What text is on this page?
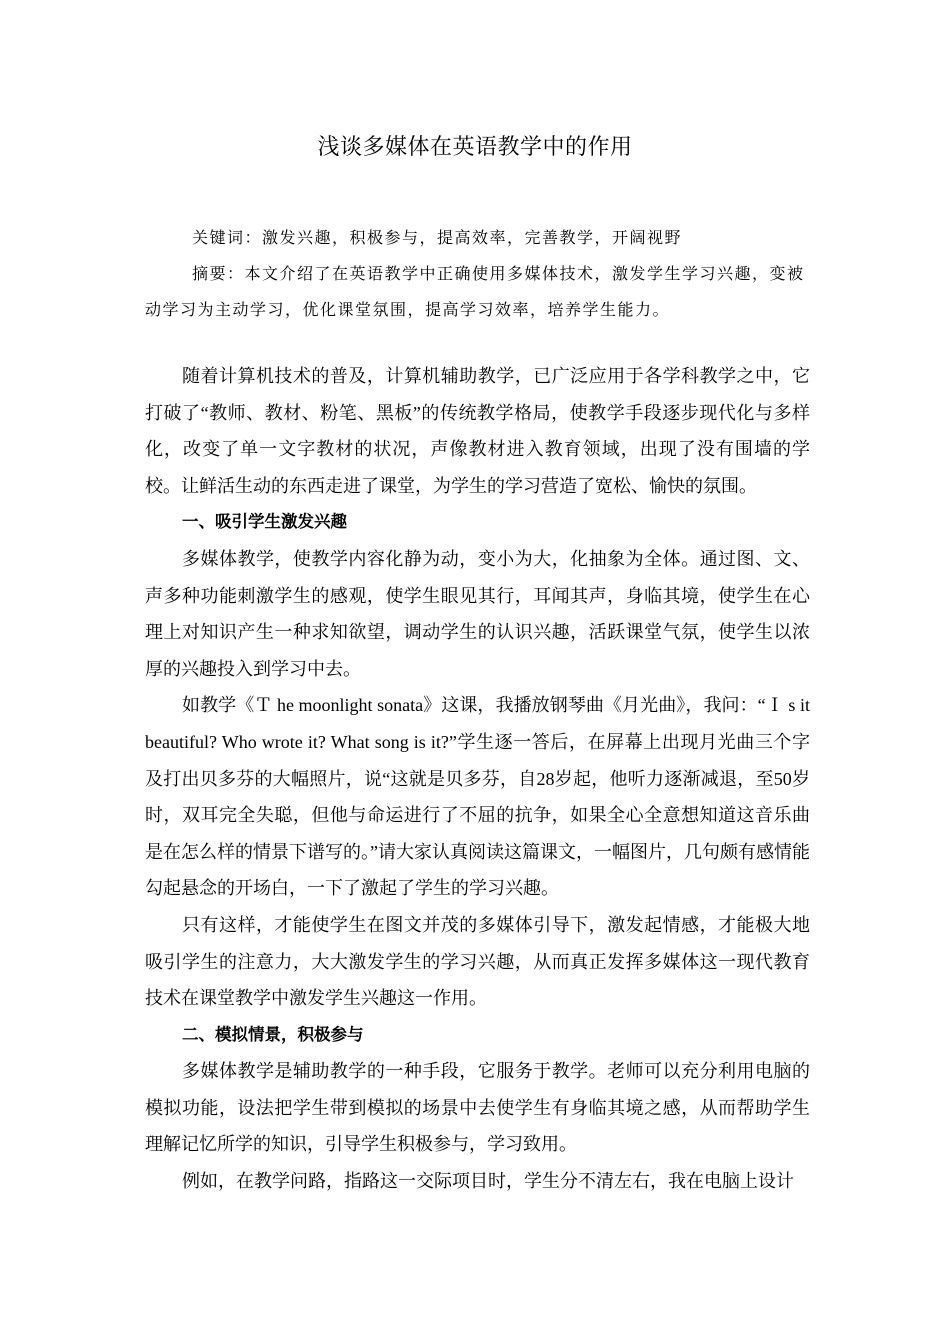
浅谈多媒体在英语教学中的作用
关键词：激发兴趣，积极参与，提高效率，完善教学，开阔视野
摘要：本文介绍了在英语教学中正确使用多媒体技术，激发学生学习兴趣，变被动学习为主动学习，优化课堂氛围，提高学习效率，培养学生能力。

随着计算机技术的普及，计算机辅助教学，已广泛应用于各学科教学之中，它打破了“教师、教材、粉笔、黑板”的传统教学格局，使教学手段逐步现代化与多样化，改变了单一文字教材的状况，声像教材进入教育领域，出现了没有围墙的学校。让鲜活生动的东西走进了课堂，为学生的学习营造了宽松、愉快的氛围。

一、吸引学生激发兴趣

多媒体教学，使教学内容化静为动，变小为大，化抽象为全体。通过图、文、声多种功能刺激学生的感观，使学生眼见其行，耳闻其声，身临其境，使学生在心理上对知识产生一种求知欲望，调动学生的认识兴趣，活跃课堂气氛，使学生以浓厚的兴趣投入到学习中去。

如教学《Ｔ he moonlight sonata》这课，我播放钢琴曲《月光曲》，我问：“Ｉ s it beautiful? Who wrote it? What song is it?”学生逐一答后，在屏幕上出现月光曲三个字及打出贝多芬的大幅照片，说“这就是贝多芬，自28岁起，他听力逐渐减退，至50岁时，双耳完全失聪，但他与命运进行了不屈的抗争，如果全心全意想知道这音乐曲是在怎么样的情景下谱写的。”请大家认真阅读这篇课文，一幅图片，几句颇有感情能勾起悬念的开场白，一下了激起了学生的学习兴趣。

只有这样，才能使学生在图文并茂的多媒体引导下，激发起情感，才能极大地吸引学生的注意力，大大激发学生的学习兴趣，从而真正发挥多媒体这一现代教育技术在课堂教学中激发学生兴趣这一作用。

二、模拟情景，积极参与

多媒体教学是辅助教学的一种手段，它服务于教学。老师可以充分利用电脑的模拟功能，设法把学生带到模拟的场景中去使学生有身临其境之感，从而帮助学生理解记忆所学的知识，引导学生积极参与，学习致用。

例如，在教学问路，指路这一交际项目时，学生分不清左右，我在电脑上设计
